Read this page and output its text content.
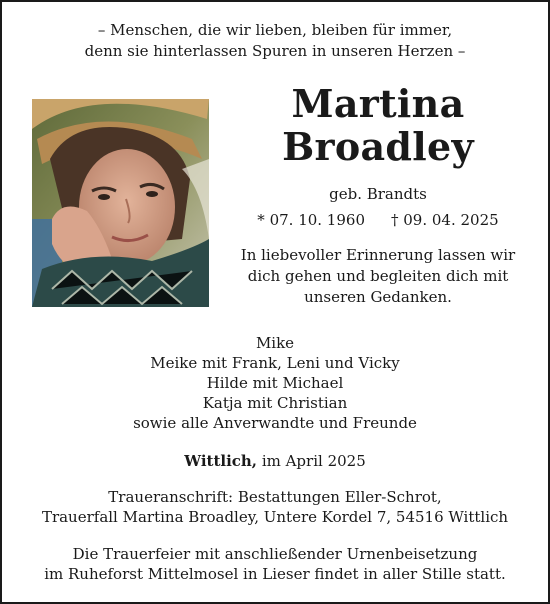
– Menschen, die wir lieben, bleiben für immer,
denn sie hinterlassen Spuren in unseren Herzen –
Martina
Broadley
geb. Brandts
* 07. 10. 1960 † 09. 04. 2025
In liebevoller Erinnerung lassen wir
dich gehen und begleiten dich mit
unseren Gedanken.
Mike
Meike mit Frank, Leni und Vicky
Hilde mit Michael
Katja mit Christian
sowie alle Anverwandte und Freunde
Wittlich, im April 2025
Traueranschrift: Bestattungen Eller-Schrot,
Trauerfall Martina Broadley, Untere Kordel 7, 54516 Wittlich
Die Trauerfeier mit anschließender Urnenbeisetzung
im Ruheforst Mittelmosel in Lieser findet in aller Stille statt.
